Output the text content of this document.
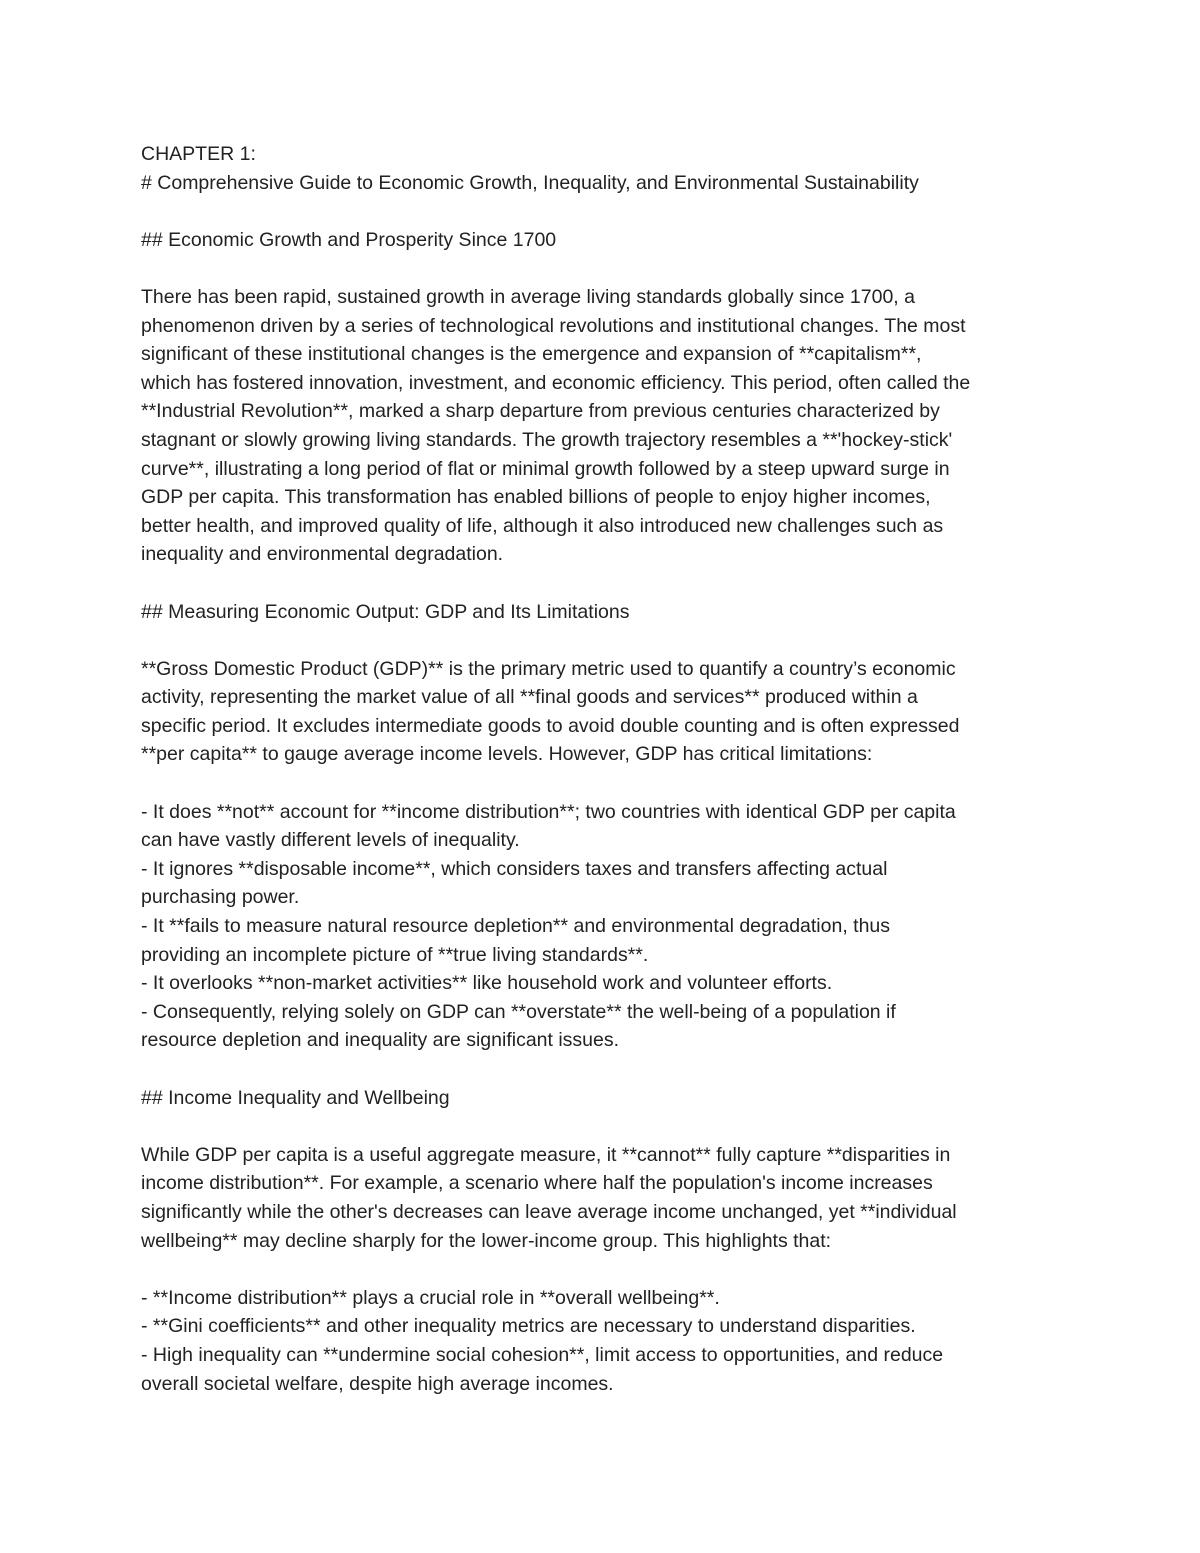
CHAPTER 1:
# Comprehensive Guide to Economic Growth, Inequality, and Environmental Sustainability
## Economic Growth and Prosperity Since 1700
There has been rapid, sustained growth in average living standards globally since 1700, a
phenomenon driven by a series of technological revolutions and institutional changes. The most
significant of these institutional changes is the emergence and expansion of **capitalism**,
which has fostered innovation, investment, and economic efficiency. This period, often called the
**Industrial Revolution**, marked a sharp departure from previous centuries characterized by
stagnant or slowly growing living standards. The growth trajectory resembles a **'hockey-stick'
curve**, illustrating a long period of flat or minimal growth followed by a steep upward surge in
GDP per capita. This transformation has enabled billions of people to enjoy higher incomes,
better health, and improved quality of life, although it also introduced new challenges such as
inequality and environmental degradation.
## Measuring Economic Output: GDP and Its Limitations
**Gross Domestic Product (GDP)** is the primary metric used to quantify a country’s economic
activity, representing the market value of all **final goods and services** produced within a
specific period. It excludes intermediate goods to avoid double counting and is often expressed
**per capita** to gauge average income levels. However, GDP has critical limitations:
- It does **not** account for **income distribution**; two countries with identical GDP per capita
can have vastly different levels of inequality.
- It ignores **disposable income**, which considers taxes and transfers affecting actual
purchasing power.
- It **fails to measure natural resource depletion** and environmental degradation, thus
providing an incomplete picture of **true living standards**.
- It overlooks **non-market activities** like household work and volunteer efforts.
- Consequently, relying solely on GDP can **overstate** the well-being of a population if
resource depletion and inequality are significant issues.
## Income Inequality and Wellbeing
While GDP per capita is a useful aggregate measure, it **cannot** fully capture **disparities in
income distribution**. For example, a scenario where half the population's income increases
significantly while the other's decreases can leave average income unchanged, yet **individual
wellbeing** may decline sharply for the lower-income group. This highlights that:
- **Income distribution** plays a crucial role in **overall wellbeing**.
- **Gini coefficients** and other inequality metrics are necessary to understand disparities.
- High inequality can **undermine social cohesion**, limit access to opportunities, and reduce
overall societal welfare, despite high average incomes.
